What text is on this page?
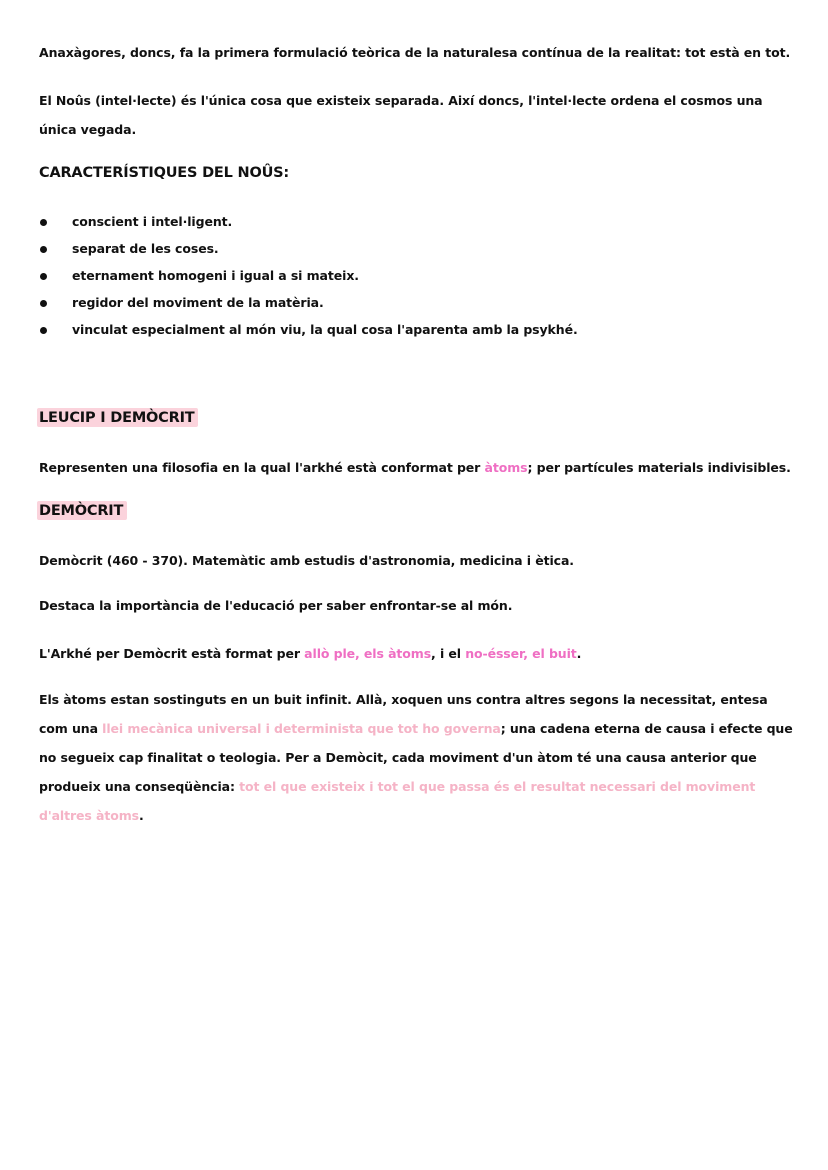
Anaxàgores, doncs, fa la primera formulació teòrica de la naturalesa contínua de la realitat: tot està en tot.

El Noûs (intel·lecte) és l'única cosa que existeix separada. Així doncs, l'intel·lecte ordena el cosmos una única vegada.

CARACTERÍSTIQUES DEL NOÛS:
conscient i intel·ligent.
separat de les coses.
eternament homogeni i igual a si mateix.
regidor del moviment de la matèria.
vinculat especialment al món viu, la qual cosa l'aparenta amb la psykhé.
LEUCIP I DEMÒCRIT

Representen una filosofia en la qual l'arkhé està conformat per àtoms; per partícules materials indivisibles.

DEMÒCRIT

Demòcrit (460 - 370). Matemàtic amb estudis d'astronomia, medicina i ètica.

Destaca la importància de l'educació per saber enfrontar-se al món.

L'Arkhé per Demòcrit està format per allò ple, els àtoms, i el no-ésser, el buit.

Els àtoms estan sostinguts en un buit infinit. Allà, xoquen uns contra altres segons la necessitat, entesa com una llei mecànica universal i determinista que tot ho governa; una cadena eterna de causa i efecte que no segueix cap finalitat o teologia. Per a Demòcit, cada moviment d'un àtom té una causa anterior que produeix una conseqüència: tot el que existeix i tot el que passa és el resultat necessari del moviment d'altres àtoms.
